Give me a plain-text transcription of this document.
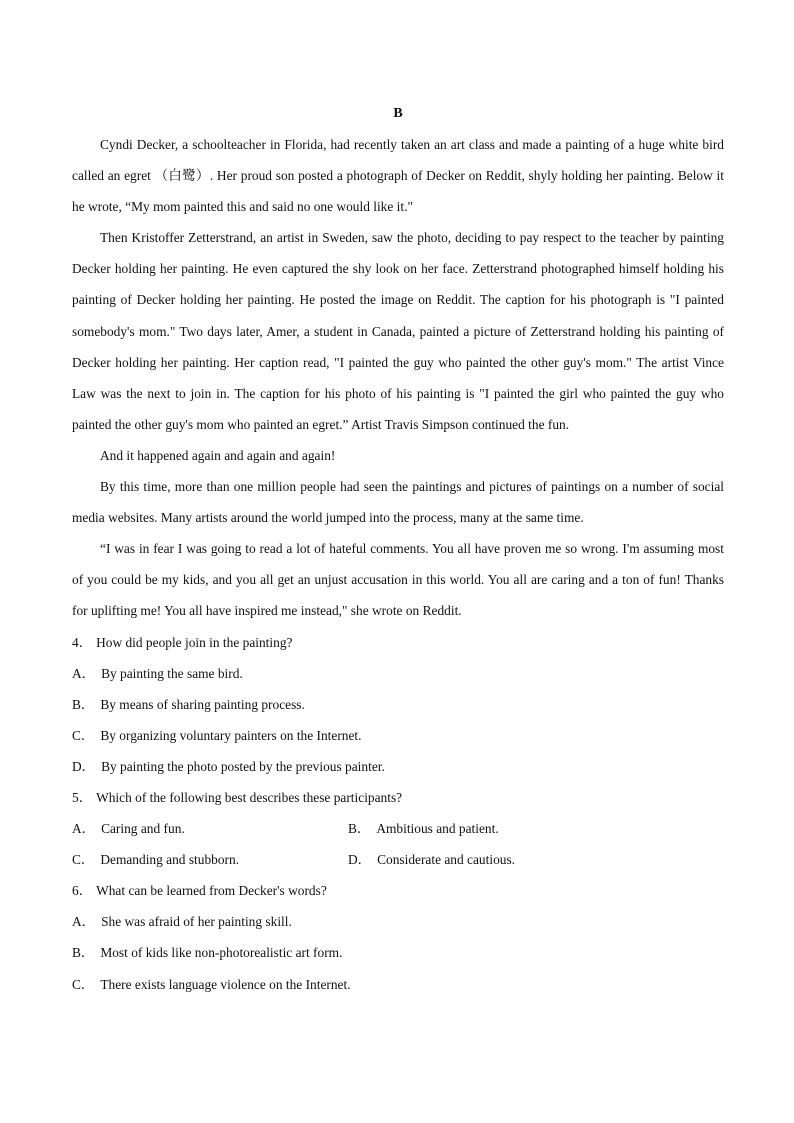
B

Cyndi Decker, a schoolteacher in Florida, had recently taken an art class and made a painting of a huge white bird called an egret （白鹭）. Her proud son posted a photograph of Decker on Reddit, shyly holding her painting. Below it he wrote, “My mom painted this and said no one would like it."

Then Kristoffer Zetterstrand, an artist in Sweden, saw the photo, deciding to pay respect to the teacher by painting Decker holding her painting. He even captured the shy look on her face. Zetterstrand photographed himself holding his painting of Decker holding her painting. He posted the image on Reddit. The caption for his photograph is "I painted somebody's mom." Two days later, Amer, a student in Canada, painted a picture of Zetterstrand holding his painting of Decker holding her painting. Her caption read, "I painted the guy who painted the other guy's mom." The artist Vince Law was the next to join in. The caption for his photo of his painting is "I painted the girl who painted the guy who painted the other guy's mom who painted an egret.” Artist Travis Simpson continued the fun.

And it happened again and again and again!

By this time, more than one million people had seen the paintings and pictures of paintings on a number of social media websites. Many artists around the world jumped into the process, many at the same time.

“I was in fear I was going to read a lot of hateful comments. You all have proven me so wrong. I'm assuming most of you could be my kids, and you all get an unjust accusation in this world. You all are caring and a ton of fun! Thanks for uplifting me! You all have inspired me instead," she wrote on Reddit.

4． How did people join in the painting?
A． By painting the same bird.
B． By means of sharing painting process.
C． By organizing voluntary painters on the Internet.
D． By painting the photo posted by the previous painter.
5． Which of the following best describes these participants?
A． Caring and fun.	B． Ambitious and patient.
C． Demanding and stubborn.	D． Considerate and cautious.
6． What can be learned from Decker's words?
A． She was afraid of her painting skill.
B． Most of kids like non-photorealistic art form.
C． There exists language violence on the Internet.
